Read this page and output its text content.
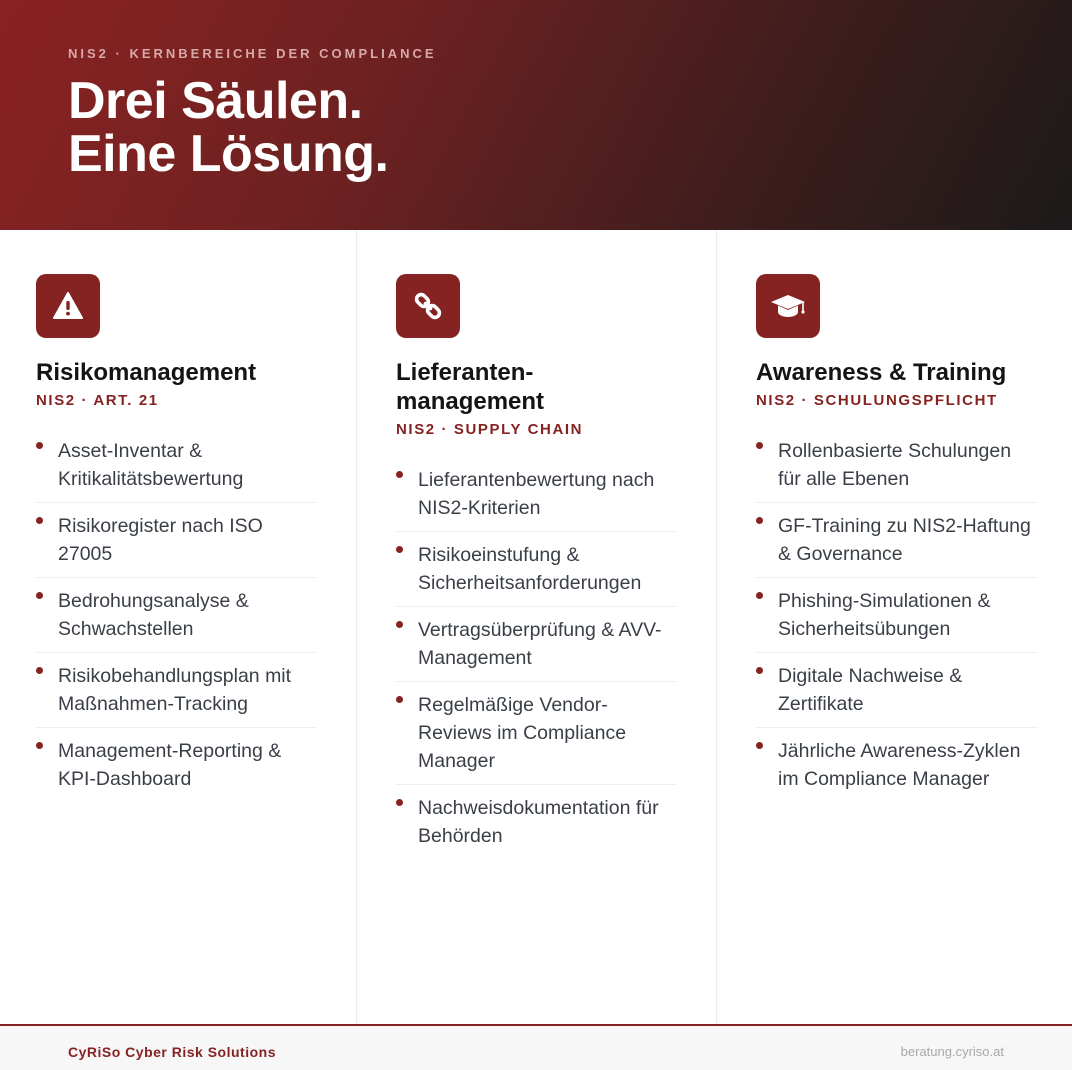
NIS2 · KERNBEREICHE DER COMPLIANCE
Drei Säulen.
Eine Lösung.
Risikomanagement
NIS2 · ART. 21
Asset-Inventar & Kritikalitätsbewertung
Risikoregister nach ISO 27005
Bedrohungsanalyse & Schwachstellen
Risikobehandlungsplan mit Maßnahmen-Tracking
Management-Reporting & KPI-Dashboard
Lieferanten-management
NIS2 · SUPPLY CHAIN
Lieferantenbewertung nach NIS2-Kriterien
Risikoeinstufung & Sicherheitsanforderungen
Vertragsüberprüfung & AVV-Management
Regelmäßige Vendor-Reviews im Compliance Manager
Nachweisdokumentation für Behörden
Awareness & Training
NIS2 · SCHULUNGSPFLICHT
Rollenbasierte Schulungen für alle Ebenen
GF-Training zu NIS2-Haftung & Governance
Phishing-Simulationen & Sicherheitsübungen
Digitale Nachweise & Zertifikate
Jährliche Awareness-Zyklen im Compliance Manager
CyRiSo Cyber Risk Solutions	beratung.cyriso.at
